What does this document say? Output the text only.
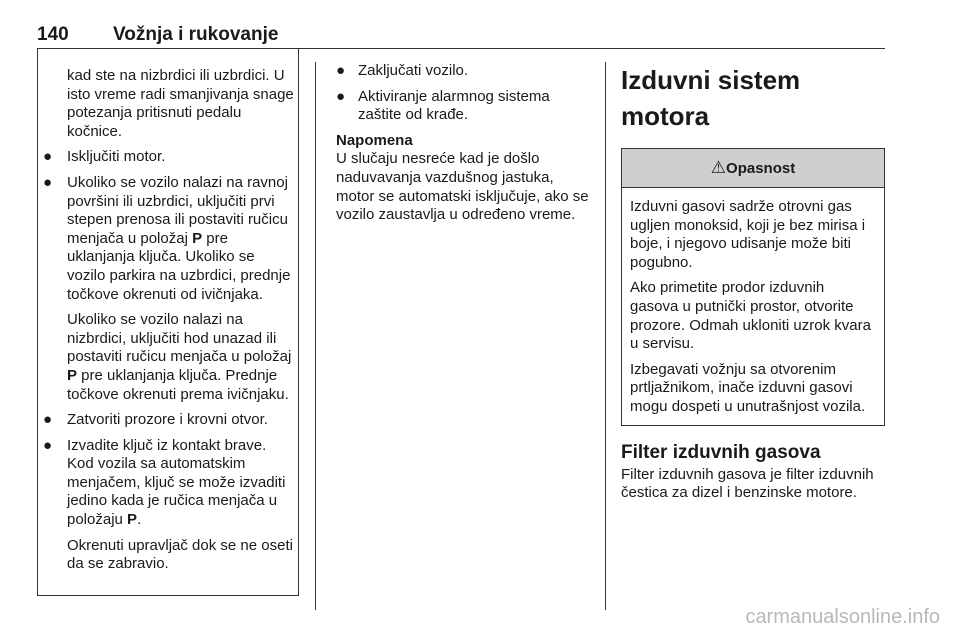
140 Vožnja i rukovanje

kad ste na nizbrdici ili uzbrdici. U isto vreme radi smanjivanja snage potezanja pritisnuti pedalu kočnice.

● Isključiti motor.

● Ukoliko se vozilo nalazi na ravnoj površini ili uzbrdici, uključiti prvi stepen prenosa ili postaviti ručicu menjača u položaj P pre uklanjanja ključa. Ukoliko se vozilo parkira na uzbrdici, prednje točkove okrenuti od ivičnjaka.

Ukoliko se vozilo nalazi na nizbrdici, uključiti hod unazad ili postaviti ručicu menjača u položaj P pre uklanjanja ključa. Prednje točkove okrenuti prema ivičnjaku.

● Zatvoriti prozore i krovni otvor.

● Izvadite ključ iz kontakt brave. Kod vozila sa automatskim menjačem, ključ se može izvaditi jedino kada je ručica menjača u položaju P.

Okrenuti upravljač dok se ne oseti da se zabravio.

● Zaključati vozilo.

● Aktiviranje alarmnog sistema zaštite od krađe.

Napomena

U slučaju nesreće kad je došlo naduvavanja vazdušnog jastuka, motor se automatski isključuje, ako se vozilo zaustavlja u određeno vreme.

Izduvni sistem motora
⚠Opasnost

Izduvni gasovi sadrže otrovni gas ugljen monoksid, koji je bez mirisa i boje, i njegovo udisanje može biti pogubno.

Ako primetite prodor izduvnih gasova u putnički prostor, otvorite prozore. Odmah ukloniti uzrok kvara u servisu.

Izbegavati vožnju sa otvorenim prtljažnikom, inače izduvni gasovi mogu dospeti u unutrašnjost vozila.

Filter izduvnih gasova

Filter izduvnih gasova je filter izduvnih čestica za dizel i benzinske motore.

carmanualsonline.info
